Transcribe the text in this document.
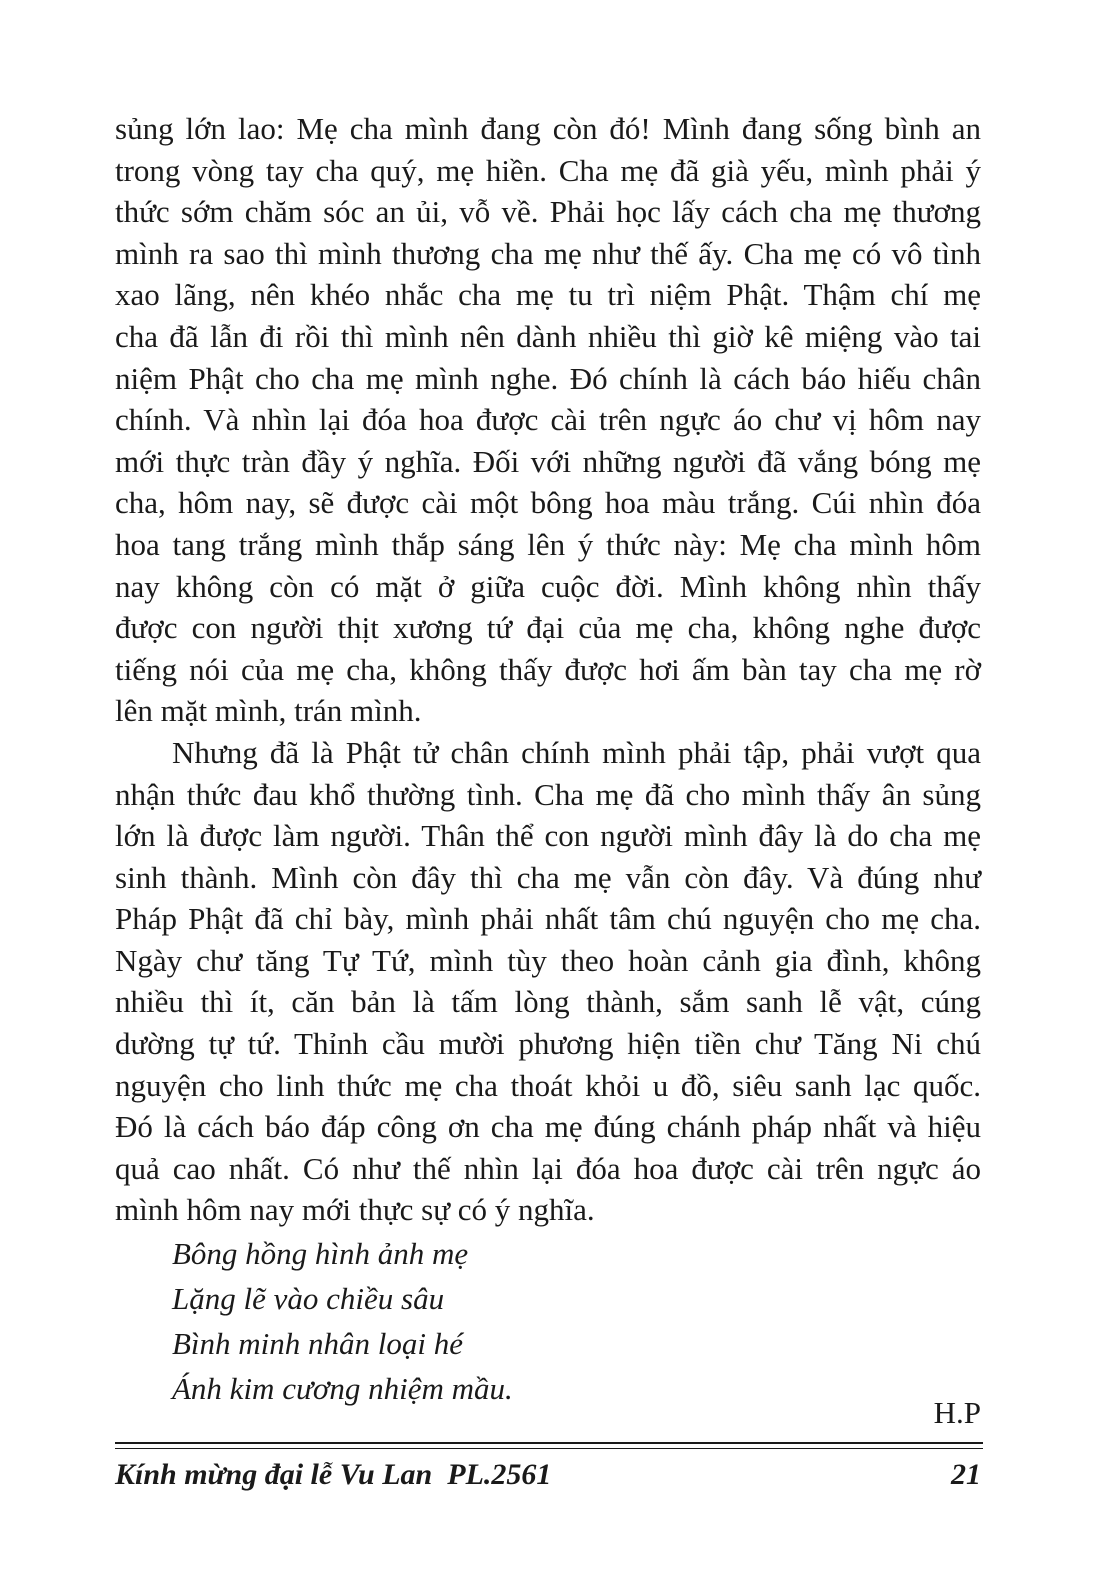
sủng lớn lao: Mẹ cha mình đang còn đó! Mình đang sống bình an
trong vòng tay cha quý, mẹ hiền. Cha mẹ đã già yếu, mình phải ý
thức sớm chăm sóc an ủi, vỗ về. Phải học lấy cách cha mẹ thương
mình ra sao thì mình thương cha mẹ như thế ấy. Cha mẹ có vô tình
xao lãng, nên khéo nhắc cha mẹ tu trì niệm Phật. Thậm chí mẹ
cha đã lẫn đi rồi thì mình nên dành nhiều thì giờ kê miệng vào tai
niệm Phật cho cha mẹ mình nghe. Đó chính là cách báo hiếu chân
chính. Và nhìn lại đóa hoa được cài trên ngực áo chư vị hôm nay
mới thực tràn đầy ý nghĩa. Đối với những người đã vắng bóng mẹ
cha, hôm nay, sẽ được cài một bông hoa màu trắng. Cúi nhìn đóa
hoa tang trắng mình thắp sáng lên ý thức này: Mẹ cha mình hôm
nay không còn có mặt ở giữa cuộc đời. Mình không nhìn thấy
được con người thịt xương tứ đại của mẹ cha, không nghe được
tiếng nói của mẹ cha, không thấy được hơi ấm bàn tay cha mẹ rờ
lên mặt mình, trán mình.

Nhưng đã là Phật tử chân chính mình phải tập, phải vượt qua
nhận thức đau khổ thường tình. Cha mẹ đã cho mình thấy ân sủng
lớn là được làm người. Thân thể con người mình đây là do cha mẹ
sinh thành. Mình còn đây thì cha mẹ vẫn còn đây. Và đúng như
Pháp Phật đã chỉ bày, mình phải nhất tâm chú nguyện cho mẹ cha.
Ngày chư tăng Tự Tứ, mình tùy theo hoàn cảnh gia đình, không
nhiều thì ít, căn bản là tấm lòng thành, sắm sanh lễ vật, cúng
dường tự tứ. Thỉnh cầu mười phương hiện tiền chư Tăng Ni chú
nguyện cho linh thức mẹ cha thoát khỏi u đồ, siêu sanh lạc quốc.
Đó là cách báo đáp công ơn cha mẹ đúng chánh pháp nhất và hiệu
quả cao nhất. Có như thế nhìn lại đóa hoa được cài trên ngực áo
mình hôm nay mới thực sự có ý nghĩa.

Bông hồng hình ảnh mẹ
Lặng lẽ vào chiều sâu
Bình minh nhân loại hé
Ánh kim cương nhiệm mầu.
H.P
Kính mừng đại lễ Vu Lan  PL.2561	21
